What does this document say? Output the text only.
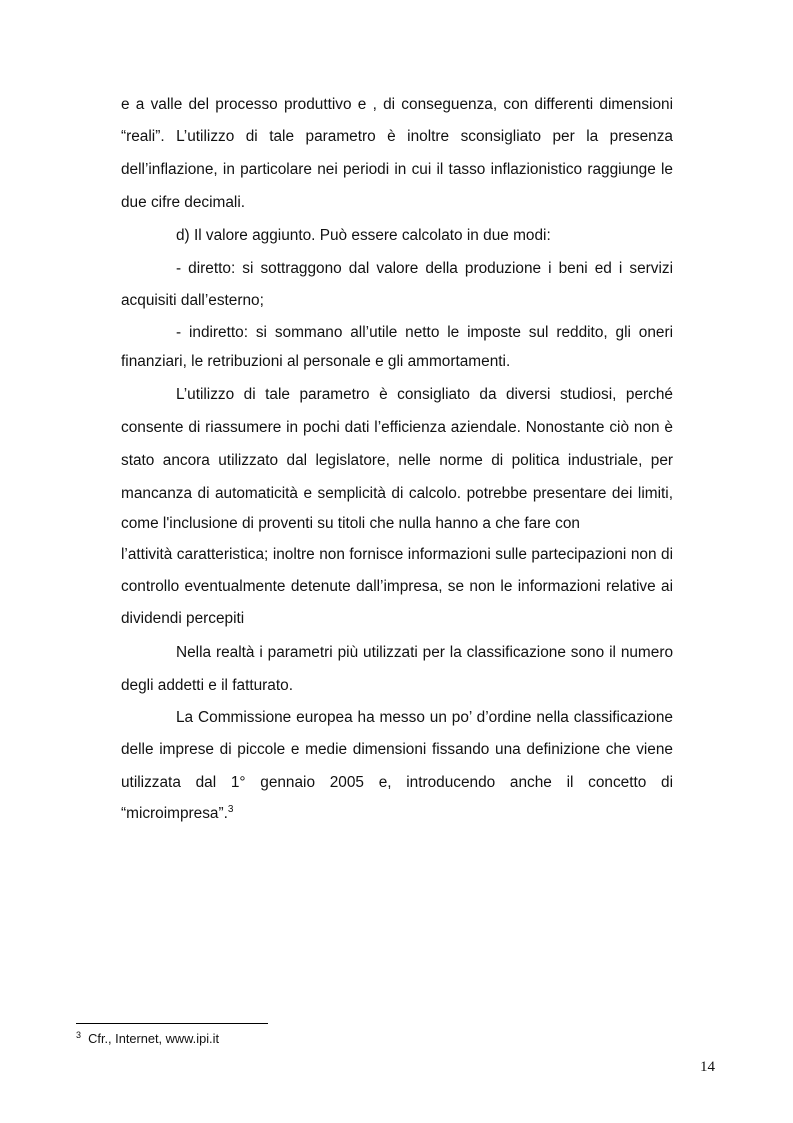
e a valle del processo produttivo e , di conseguenza, con differenti dimensioni
“reali”. L’utilizzo di tale parametro è inoltre sconsigliato per la presenza
dell’inflazione, in particolare nei periodi in cui il tasso inflazionistico raggiunge le
due cifre decimali.
d) Il valore aggiunto. Può essere calcolato in due modi:
- diretto: si sottraggono dal valore della produzione i beni ed i servizi
acquisiti dall’esterno;
- indiretto: si sommano all’utile netto le imposte sul reddito, gli oneri
finanziari, le retribuzioni al personale e gli ammortamenti.
L’utilizzo di tale parametro è consigliato da diversi studiosi, perché
consente di riassumere in pochi dati l’efficienza aziendale. Nonostante ciò non è
stato ancora utilizzato dal legislatore, nelle norme di politica industriale, per
mancanza di automaticità e semplicità di calcolo. potrebbe presentare dei limiti,
come l'inclusione di proventi su titoli che nulla hanno a che fare con
l’attività caratteristica; inoltre non fornisce informazioni sulle partecipazioni non di
controllo eventualmente detenute dall’impresa, se non le informazioni relative ai
dividendi percepiti
Nella realtà i parametri più utilizzati per la classificazione sono il numero
degli addetti e il fatturato.
La Commissione europea ha messo un po’ d’ordine nella classificazione
delle imprese di piccole e medie dimensioni fissando una definizione che viene
utilizzata dal 1° gennaio 2005 e, introducendo anche il concetto di
“microimpresa”.$^3$
$^3$ Cfr., Internet, www.ipi.it
14
